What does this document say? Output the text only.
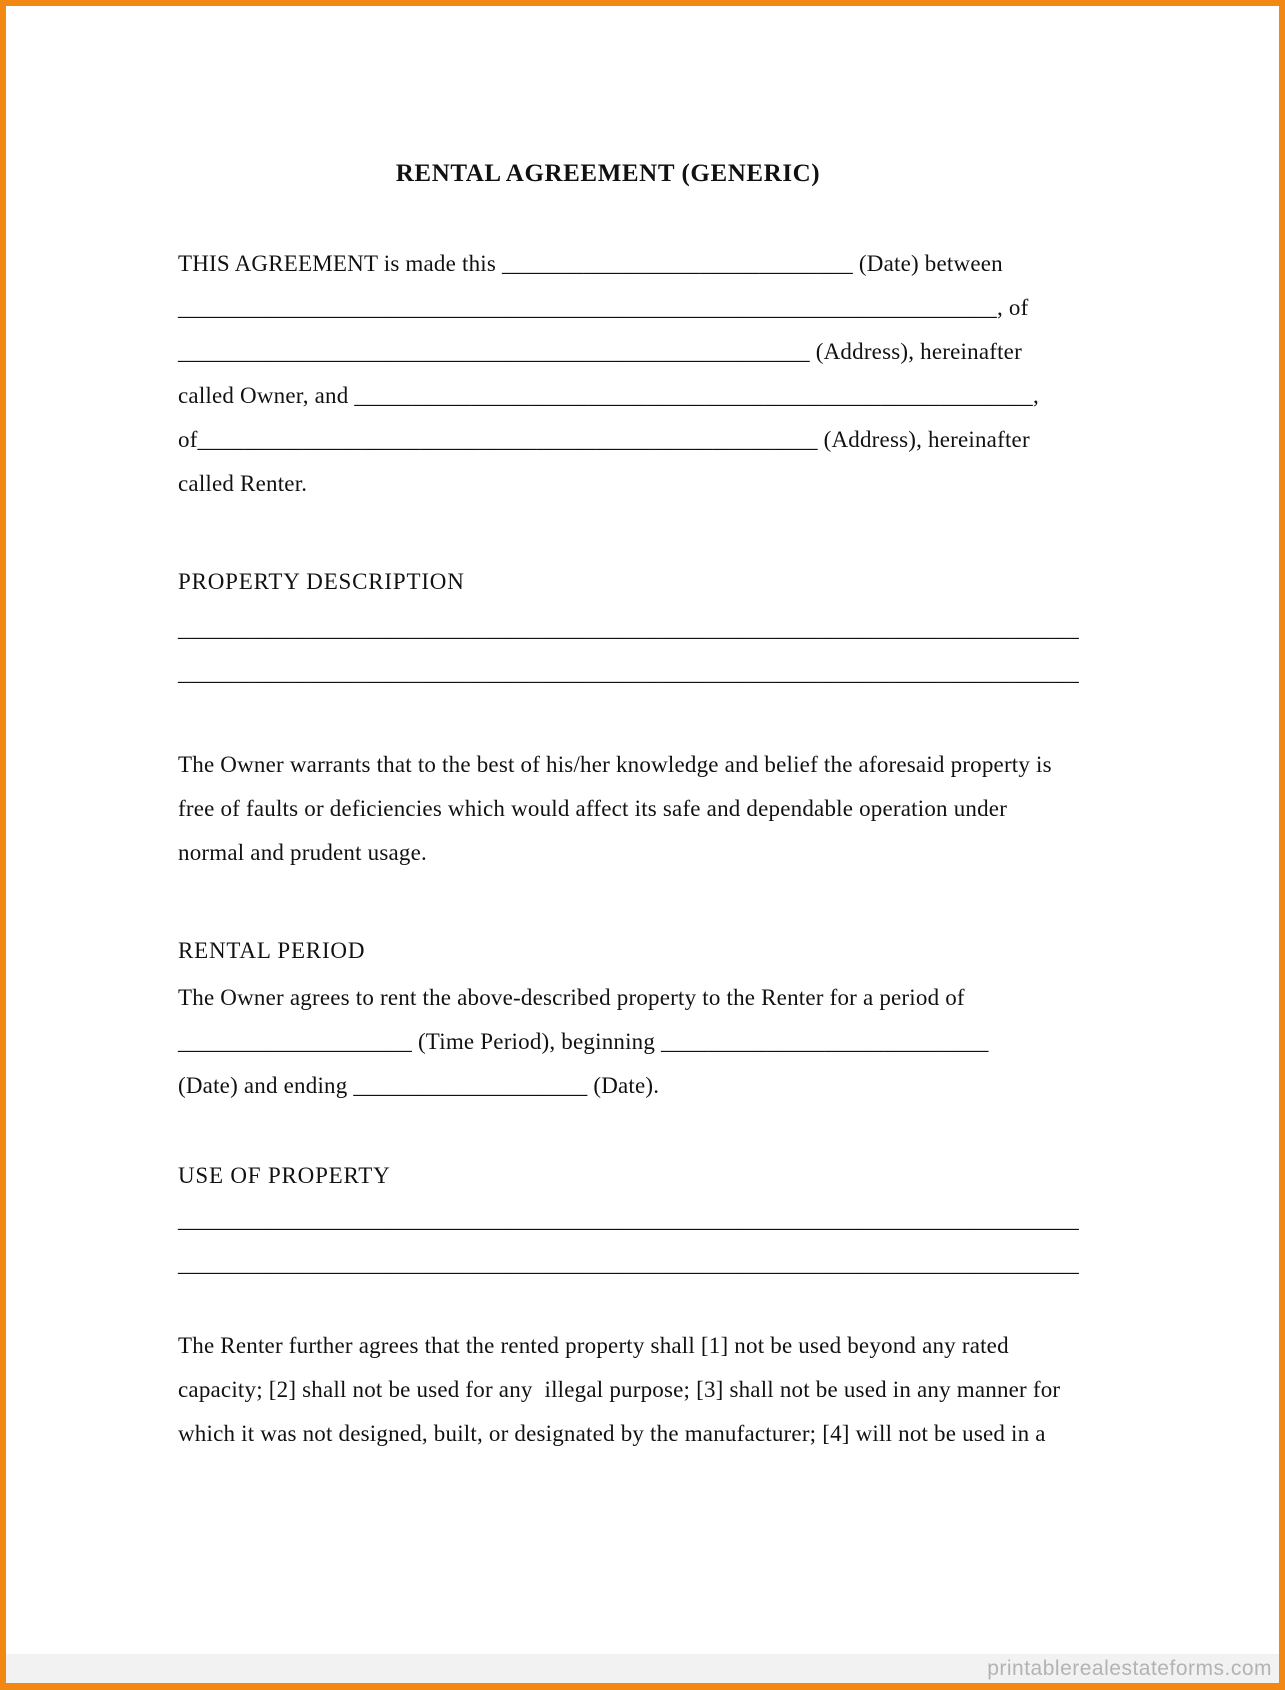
RENTAL AGREEMENT (GENERIC)
THIS AGREEMENT is made this ______________________________ (Date) between
______________________________________________________________________, of
______________________________________________________ (Address), hereinafter
called Owner, and __________________________________________________________,
of_____________________________________________________ (Address), hereinafter
called Renter.
PROPERTY DESCRIPTION
_____________________________________________________________________________
_____________________________________________________________________________
The Owner warrants that to the best of his/her knowledge and belief the aforesaid property is
free of faults or deficiencies which would affect its safe and dependable operation under
normal and prudent usage.
RENTAL PERIOD
The Owner agrees to rent the above-described property to the Renter for a period of
____________________ (Time Period), beginning ____________________________
(Date) and ending ____________________ (Date).
USE OF PROPERTY
_____________________________________________________________________________
_____________________________________________________________________________
The Renter further agrees that the rented property shall [1] not be used beyond any rated
capacity; [2] shall not be used for any  illegal purpose; [3] shall not be used in any manner for
which it was not designed, built, or designated by the manufacturer; [4] will not be used in a
printablerealestateforms.com
